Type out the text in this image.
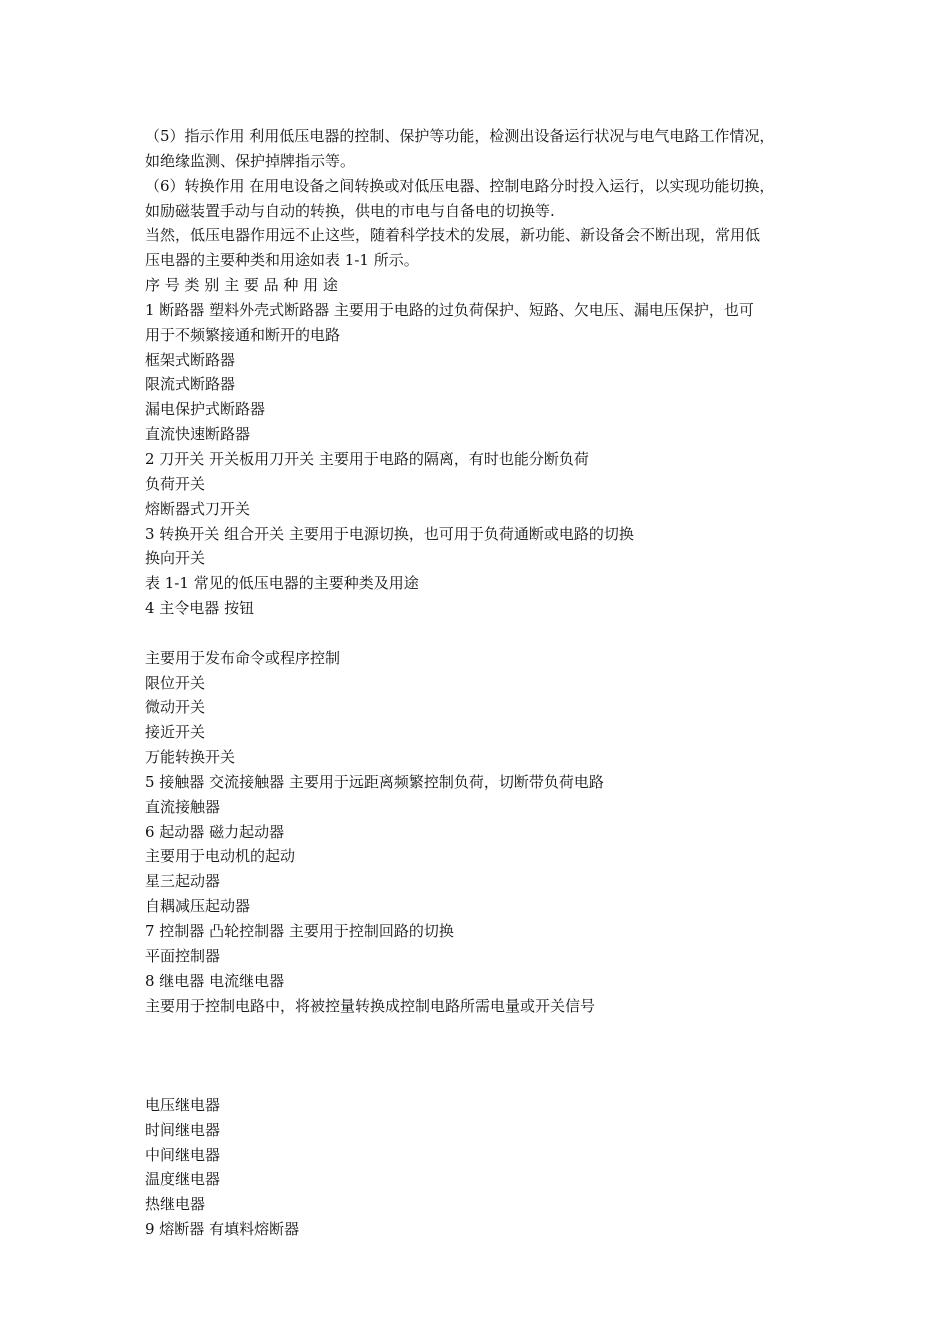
（5）指示作用 利用低压电器的控制、保护等功能，检测出设备运行状况与电气电路工作情况，
如绝缘监测、保护掉牌指示等。
（6）转换作用 在用电设备之间转换或对低压电器、控制电路分时投入运行，以实现功能切换，
如励磁装置手动与自动的转换，供电的市电与自备电的切换等.
当然，低压电器作用远不止这些，随着科学技术的发展，新功能、新设备会不断出现，常用低
压电器的主要种类和用途如表 1-1 所示。
序 号 类 别 主 要 品 种 用 途
1 断路器 塑料外壳式断路器 主要用于电路的过负荷保护、短路、欠电压、漏电压保护，也可
用于不频繁接通和断开的电路
框架式断路器
限流式断路器
漏电保护式断路器
直流快速断路器
2 刀开关 开关板用刀开关 主要用于电路的隔离，有时也能分断负荷
负荷开关
熔断器式刀开关
3 转换开关 组合开关 主要用于电源切换，也可用于负荷通断或电路的切换
换向开关
表 1-1 常见的低压电器的主要种类及用途
4 主令电器 按钮
主要用于发布命令或程序控制
限位开关
微动开关
接近开关
万能转换开关
5 接触器 交流接触器 主要用于远距离频繁控制负荷，切断带负荷电路
直流接触器
6 起动器 磁力起动器
主要用于电动机的起动
星三起动器
自耦减压起动器
7 控制器 凸轮控制器 主要用于控制回路的切换
平面控制器
8 继电器 电流继电器
主要用于控制电路中，将被控量转换成控制电路所需电量或开关信号
电压继电器
时间继电器
中间继电器
温度继电器
热继电器
9 熔断器 有填料熔断器
